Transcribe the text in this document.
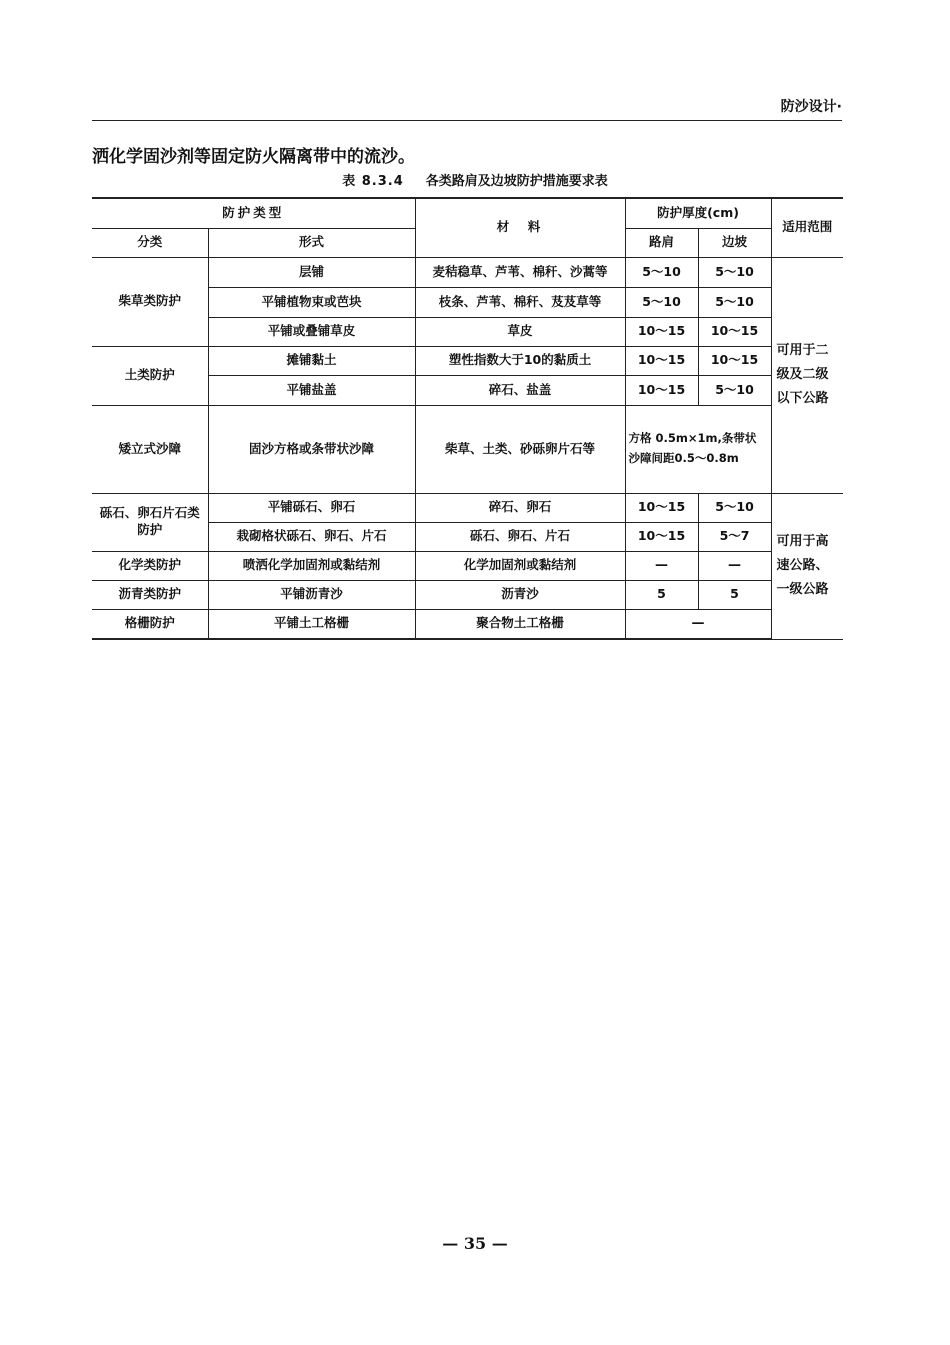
防沙设计·
洒化学固沙剂等固定防火隔离带中的流沙。
表 8.3.4 各类路肩及边坡防护措施要求表
防护类型		材　料	防护厚度(cm)		适用范围
分类	形式		路肩	边坡	
柴草类防护	层铺	麦秸稳草、芦苇、棉秆、沙蒿等	5～10	5～10	可用于二级及二级以下公路

	平铺植物束或芭块	枝条、芦苇、棉秆、芨芨草等	5～10	5～10	
	平铺或叠铺草皮	草皮	10～15	10～15	
土类防护	摊铺黏土	塑性指数大于10的黏质土	10～15	10～15	
	平铺盐盖	碎石、盐盖	10～15	5～10	
矮立式沙障	固沙方格或条带状沙障	柴草、土类、砂砾卵片石等	方格 0.5m×1m,条带状沙障间距0.5～0.8m		
砾石、卵石片石类防护	平铺砾石、卵石	碎石、卵石	10～15	5～10	可用于高速公路、一级公路

	栽砌格状砾石、卵石、片石	砾石、卵石、片石	10～15	5～7	
化学类防护	喷洒化学加固剂或黏结剂	化学加固剂或黏结剂	—	—	
沥青类防护	平铺沥青沙	沥青沙	5	5	
格栅防护	平铺土工格栅	聚合物土工格栅	—		
— 35 —
